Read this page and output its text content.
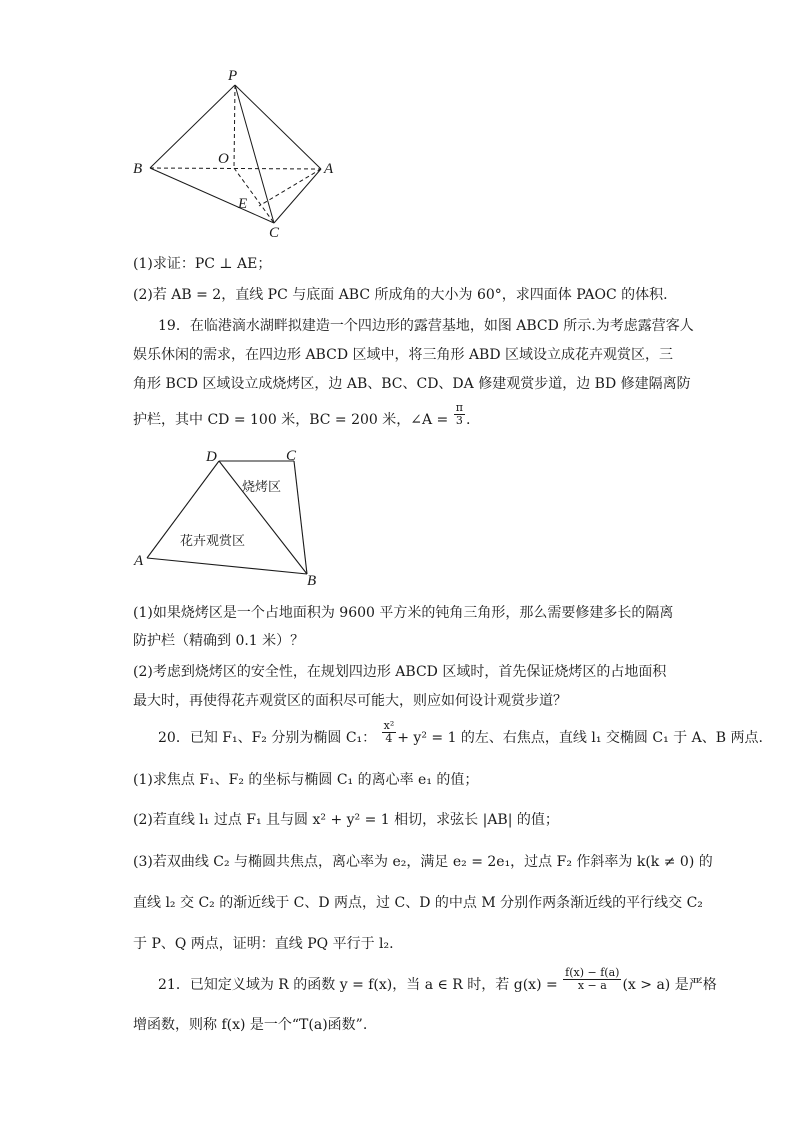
P
B
O
A
E
C
(1)求证：PC ⊥ AE；
(2)若 AB = 2，直线 PC 与底面 ABC 所成角的大小为 60°，求四面体 PAOC 的体积.
19．在临港滴水湖畔拟建造一个四边形的露营基地，如图 ABCD 所示.为考虑露营客人
娱乐休闲的需求，在四边形 ABCD 区域中，将三角形 ABD 区域设立成花卉观赏区，三
角形 BCD 区域设立成烧烤区，边 AB、BC、CD、DA 修建观赏步道，边 BD 修建隔离防
护栏，其中 CD = 100 米，BC = 200 米，∠A = $\frac{\pi}{3}$ .
D	C
A
B
烧烤区
花卉观赏区
(1)如果烧烤区是一个占地面积为 9600 平方米的钝角三角形，那么需要修建多长的隔离
防护栏（精确到 0.1 米）？
(2)考虑到烧烤区的安全性，在规划四边形 ABCD 区域时，首先保证烧烤区的占地面积
最大时，再使得花卉观赏区的面积尽可能大，则应如何设计观赏步道？
20．已知 F₁、F₂ 分别为椭圆 C₁： $\frac{\text{x²}}{4} + y^2 = 1$ 的左、右焦点，直线 l₁ 交椭圆 C₁ 于 A、B 两点.
(1)求焦点 F₁、F₂ 的坐标与椭圆 C₁ 的离心率 e₁ 的值；
(2)若直线 l₁ 过点 F₁ 且与圆 x² + y² = 1 相切，求弦长 |AB| 的值；
(3)若双曲线 C₂ 与椭圆共焦点，离心率为 e₂，满足 e₂ = 2e₁，过点 F₂ 作斜率为 k(k ≠ 0) 的
直线 l₂ 交 C₂ 的渐近线于 C、D 两点，过 C、D 的中点 M 分别作两条渐近线的平行线交 C₂
于 P、Q 两点，证明：直线 PQ 平行于 l₂.
21．已知定义域为 R 的函数 y = f(x)，当 a ∈ R 时，若 $g(x) = \frac{f(x) - f(a)}{x - a} (x > a)$ 是严格
增函数，则称 f(x) 是一个“T(a)函数”.
